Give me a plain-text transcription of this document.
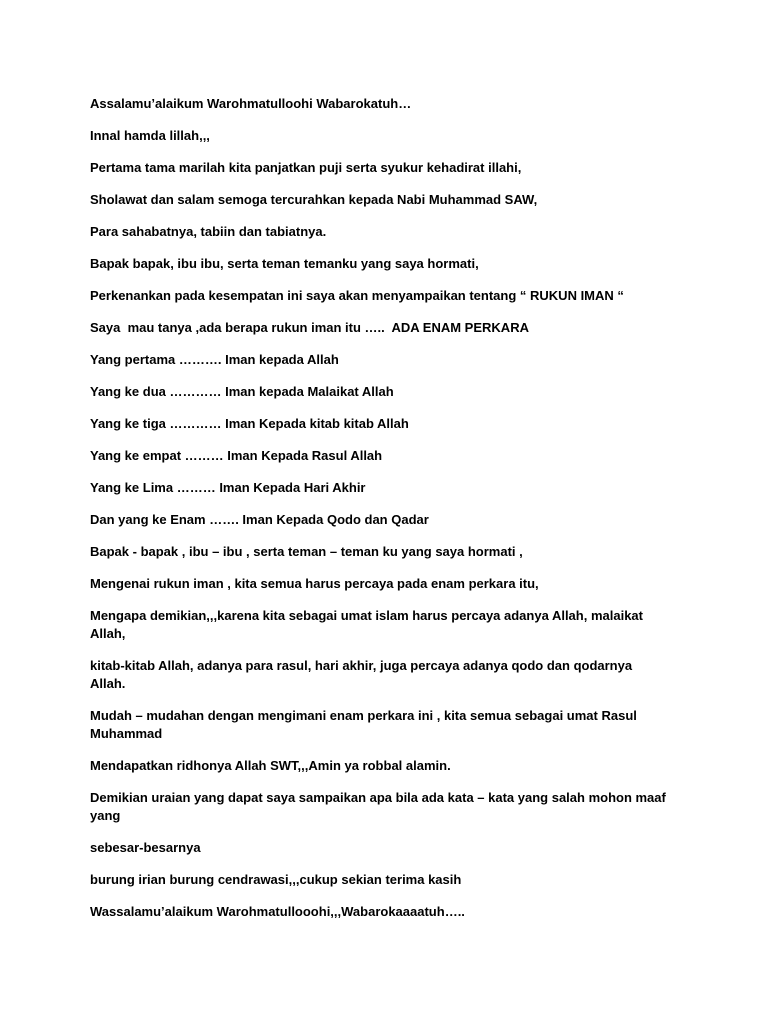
Assalamu’alaikum Warohmatulloohi Wabarokatuh…

Innal hamda lillah,,,

Pertama tama marilah kita panjatkan puji serta syukur kehadirat illahi,

Sholawat dan salam semoga tercurahkan kepada Nabi Muhammad SAW,

Para sahabatnya, tabiin dan tabiatnya.

Bapak bapak, ibu ibu, serta teman temanku yang saya hormati,

Perkenankan pada kesempatan ini saya akan menyampaikan tentang “ RUKUN IMAN “

Saya  mau tanya ,ada berapa rukun iman itu …..  ADA ENAM PERKARA

Yang pertama ………. Iman kepada Allah

Yang ke dua ………… Iman kepada Malaikat Allah

Yang ke tiga ………… Iman Kepada kitab kitab Allah

Yang ke empat ……… Iman Kepada Rasul Allah

Yang ke Lima ……… Iman Kepada Hari Akhir

Dan yang ke Enam ……. Iman Kepada Qodo dan Qadar

Bapak - bapak , ibu – ibu , serta teman – teman ku yang saya hormati ,

Mengenai rukun iman , kita semua harus percaya pada enam perkara itu,

Mengapa demikian,,,karena kita sebagai umat islam harus percaya adanya Allah, malaikat
Allah,

kitab-kitab Allah, adanya para rasul, hari akhir, juga percaya adanya qodo dan qodarnya
Allah.

Mudah – mudahan dengan mengimani enam perkara ini , kita semua sebagai umat Rasul
Muhammad

Mendapatkan ridhonya Allah SWT,,,Amin ya robbal alamin.

Demikian uraian yang dapat saya sampaikan apa bila ada kata – kata yang salah mohon maaf
yang

sebesar-besarnya

burung irian burung cendrawasi,,,cukup sekian terima kasih

Wassalamu’alaikum Warohmatullooohi,,,Wabarokaaaatuh…..
